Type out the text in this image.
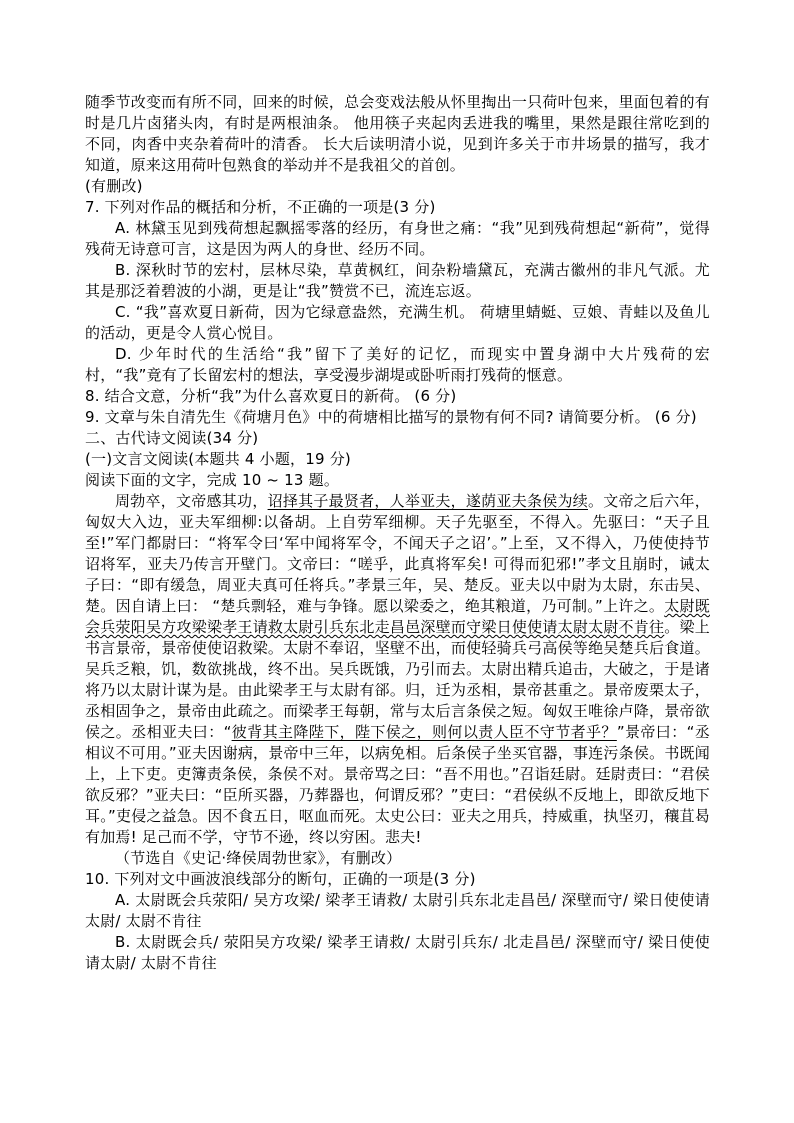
随季节改变而有所不同，回来的时候，总会变戏法般从怀里掏出一只荷叶包来，里面包着的有时是几片卤猪头肉，有时是两根油条。 他用筷子夹起肉丢进我的嘴里，果然是跟往常吃到的不同，肉香中夹杂着荷叶的清香。 长大后读明清小说，见到许多关于市井场景的描写，我才知道，原来这用荷叶包熟食的举动并不是我祖父的首创。

(有删改)

7. 下列对作品的概括和分析，不正确的一项是(3 分)

A. 林黛玉见到残荷想起飘摇零落的经历，有身世之痛：“我”见到残荷想起“新荷”，觉得残荷无诗意可言，这是因为两人的身世、经历不同。

B. 深秋时节的宏村，层林尽染，草黄枫红，间杂粉墙黛瓦，充满古徽州的非凡气派。尤其是那泛着碧波的小湖，更是让“我”赞赏不已，流连忘返。

C. “我”喜欢夏日新荷，因为它绿意盎然，充满生机。 荷塘里蜻蜓、豆娘、青蛙以及鱼儿的活动，更是令人赏心悦目。

D. 少年时代的生活给“我”留下了美好的记忆，而现实中置身湖中大片残荷的宏村，“我”竟有了长留宏村的想法，享受漫步湖堤或卧听雨打残荷的惬意。

8. 结合文意，分析“我”为什么喜欢夏日的新荷。 (6 分)

9. 文章与朱自清先生《荷塘月色》中的荷塘相比描写的景物有何不同? 请简要分析。 (6 分)

二、古代诗文阅读(34 分)

(一)文言文阅读(本题共 4 小题，19 分)

阅读下面的文字，完成 10 ~ 13 题。

周勃卒，文帝感其功，诏择其子最贤者，人举亚夫，遂荫亚夫条侯为续。文帝之后六年，匈奴大入边，亚夫军细柳:以备胡。上自劳军细柳。天子先驱至，不得入。先驱曰：“天子且至!”军门都尉曰：“将军令曰‘军中闻将军令，不闻天子之诏’。”上至，又不得入，乃使使持节诏将军，亚夫乃传言开壁门。文帝曰：“嗟乎，此真将军矣! 可得而犯邪!”孝文且崩时，诫太子曰：“即有缓急，周亚夫真可任将兵。”孝景三年，吴、楚反。亚夫以中尉为太尉，东击吴、楚。因自请上曰： “楚兵剽轻，难与争锋。愿以梁委之，绝其粮道，乃可制。”上许之。太尉既会兵荥阳吴方攻梁梁孝王请救太尉引兵东北走昌邑深壁而守梁日使使请太尉太尉不肯往。梁上书言景帝，景帝使使诏救梁。太尉不奉诏，坚壁不出，而使轻骑兵弓高侯等绝吴楚兵后食道。吴兵乏粮，饥，数欲挑战，终不出。吴兵既饿，乃引而去。太尉出精兵追击，大破之，于是诸将乃以太尉计谋为是。由此梁孝王与太尉有郤。归，迁为丞相，景帝甚重之。景帝废栗太子，丞相固争之，景帝由此疏之。而梁孝王每朝，常与太后言条侯之短。匈奴王唯徐卢降，景帝欲侯之。丞相亚夫曰：“彼背其主降陛下，陛下侯之，则何以责人臣不守节者乎？”景帝曰：“丞相议不可用。”亚夫因谢病，景帝中三年，以病免相。后条侯子坐买官器，事连污条侯。书既闻上，上下吏。吏簿责条侯，条侯不对。景帝骂之曰：“吾不用也。”召诣廷尉。廷尉责曰：“君侯欲反邪？”亚夫曰：“臣所买器，乃葬器也，何谓反邪？”吏曰：“君侯纵不反地上，即欲反地下耳。”吏侵之益急。因不食五日，呕血而死。太史公曰：亚夫之用兵，持威重，执坚刃，穰苴曷有加焉! 足己而不学，守节不逊，终以穷困。悲夫!

（节选自《史记·绛侯周勃世家》，有删改）

10. 下列对文中画波浪线部分的断句，正确的一项是(3 分)

A. 太尉既会兵荥阳/ 吴方攻梁/ 梁孝王请救/ 太尉引兵东北走昌邑/ 深壁而守/ 梁日使使请太尉/ 太尉不肯往

B. 太尉既会兵/ 荥阳吴方攻梁/ 梁孝王请救/ 太尉引兵东/ 北走昌邑/ 深壁而守/ 梁日使使请太尉/ 太尉不肯往
